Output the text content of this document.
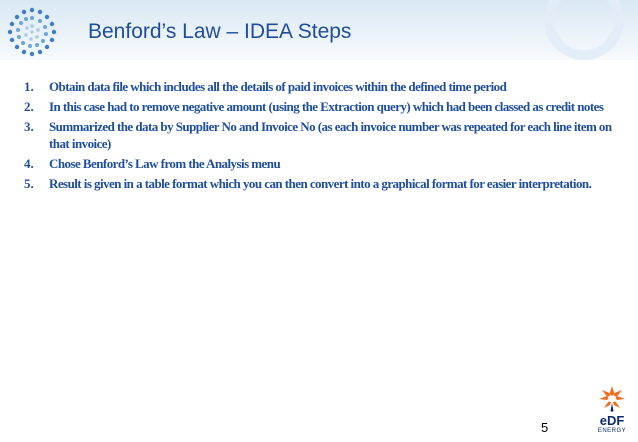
Benford’s Law – IDEA Steps
1.	Obtain data file which includes all the details of paid invoices within the defined time period
2.	In this case had to remove negative amount (using the Extraction query) which had been classed as credit notes
3.	Summarized the data by Supplier No and Invoice No (as each invoice number was repeated for each line item on that invoice)
4.	Chose Benford’s Law from the Analysis menu
5.	Result is given in a table format which you can then convert into a graphical format for easier interpretation.
5	eDF
ENERGY
